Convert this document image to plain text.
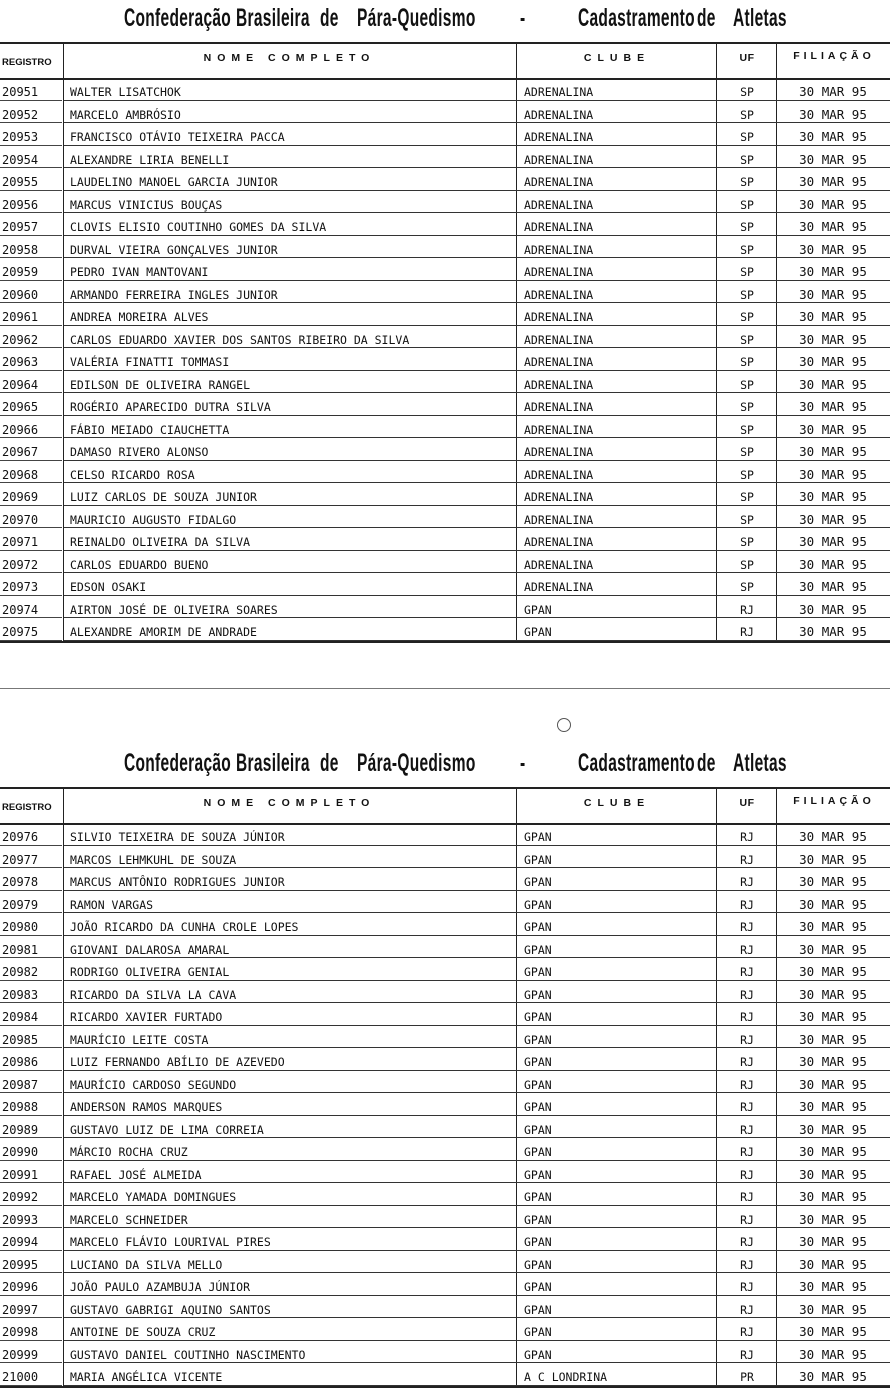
Confederação Brasileira de Pára-Quedismo - Cadastramento de Atletas
REGISTRO	NOME COMPLETO	CLUBE	UF	FILIAÇÃO
20951	WALTER LISATCHOK	ADRENALINA	SP	30 MAR 95
20952	MARCELO AMBRÓSIO	ADRENALINA	SP	30 MAR 95
20953	FRANCISCO OTÁVIO TEIXEIRA PACCA	ADRENALINA	SP	30 MAR 95
20954	ALEXANDRE LIRIA BENELLI	ADRENALINA	SP	30 MAR 95
20955	LAUDELINO MANOEL GARCIA JUNIOR	ADRENALINA	SP	30 MAR 95
20956	MARCUS VINICIUS BOUÇAS	ADRENALINA	SP	30 MAR 95
20957	CLOVIS ELISIO COUTINHO GOMES DA SILVA	ADRENALINA	SP	30 MAR 95
20958	DURVAL VIEIRA GONÇALVES JUNIOR	ADRENALINA	SP	30 MAR 95
20959	PEDRO IVAN MANTOVANI	ADRENALINA	SP	30 MAR 95
20960	ARMANDO FERREIRA INGLES JUNIOR	ADRENALINA	SP	30 MAR 95
20961	ANDREA MOREIRA ALVES	ADRENALINA	SP	30 MAR 95
20962	CARLOS EDUARDO XAVIER DOS SANTOS RIBEIRO DA SILVA	ADRENALINA	SP	30 MAR 95
20963	VALÉRIA FINATTI TOMMASI	ADRENALINA	SP	30 MAR 95
20964	EDILSON DE OLIVEIRA RANGEL	ADRENALINA	SP	30 MAR 95
20965	ROGÉRIO APARECIDO DUTRA SILVA	ADRENALINA	SP	30 MAR 95
20966	FÁBIO MEIADO CIAUCHETTA	ADRENALINA	SP	30 MAR 95
20967	DAMASO RIVERO ALONSO	ADRENALINA	SP	30 MAR 95
20968	CELSO RICARDO ROSA	ADRENALINA	SP	30 MAR 95
20969	LUIZ CARLOS DE SOUZA JUNIOR	ADRENALINA	SP	30 MAR 95
20970	MAURICIO AUGUSTO FIDALGO	ADRENALINA	SP	30 MAR 95
20971	REINALDO OLIVEIRA DA SILVA	ADRENALINA	SP	30 MAR 95
20972	CARLOS EDUARDO BUENO	ADRENALINA	SP	30 MAR 95
20973	EDSON OSAKI	ADRENALINA	SP	30 MAR 95
20974	AIRTON JOSÉ DE OLIVEIRA SOARES	GPAN	RJ	30 MAR 95
20975	ALEXANDRE AMORIM DE ANDRADE	GPAN	RJ	30 MAR 95
Confederação Brasileira de Pára-Quedismo - Cadastramento de Atletas
REGISTRO	NOME COMPLETO	CLUBE	UF	FILIAÇÃO
20976	SILVIO TEIXEIRA DE SOUZA JÚNIOR	GPAN	RJ	30 MAR 95
20977	MARCOS LEHMKUHL DE SOUZA	GPAN	RJ	30 MAR 95
20978	MARCUS ANTÔNIO RODRIGUES JUNIOR	GPAN	RJ	30 MAR 95
20979	RAMON VARGAS	GPAN	RJ	30 MAR 95
20980	JOÃO RICARDO DA CUNHA CROLE LOPES	GPAN	RJ	30 MAR 95
20981	GIOVANI DALAROSA AMARAL	GPAN	RJ	30 MAR 95
20982	RODRIGO OLIVEIRA GENIAL	GPAN	RJ	30 MAR 95
20983	RICARDO DA SILVA LA CAVA	GPAN	RJ	30 MAR 95
20984	RICARDO XAVIER FURTADO	GPAN	RJ	30 MAR 95
20985	MAURÍCIO LEITE COSTA	GPAN	RJ	30 MAR 95
20986	LUIZ FERNANDO ABÍLIO DE AZEVEDO	GPAN	RJ	30 MAR 95
20987	MAURÍCIO CARDOSO SEGUNDO	GPAN	RJ	30 MAR 95
20988	ANDERSON RAMOS MARQUES	GPAN	RJ	30 MAR 95
20989	GUSTAVO LUIZ DE LIMA CORREIA	GPAN	RJ	30 MAR 95
20990	MÁRCIO ROCHA CRUZ	GPAN	RJ	30 MAR 95
20991	RAFAEL JOSÉ ALMEIDA	GPAN	RJ	30 MAR 95
20992	MARCELO YAMADA DOMINGUES	GPAN	RJ	30 MAR 95
20993	MARCELO SCHNEIDER	GPAN	RJ	30 MAR 95
20994	MARCELO FLÁVIO LOURIVAL PIRES	GPAN	RJ	30 MAR 95
20995	LUCIANO DA SILVA MELLO	GPAN	RJ	30 MAR 95
20996	JOÃO PAULO AZAMBUJA JÚNIOR	GPAN	RJ	30 MAR 95
20997	GUSTAVO GABRIGI AQUINO SANTOS	GPAN	RJ	30 MAR 95
20998	ANTOINE DE SOUZA CRUZ	GPAN	RJ	30 MAR 95
20999	GUSTAVO DANIEL COUTINHO NASCIMENTO	GPAN	RJ	30 MAR 95
21000	MARIA ANGÉLICA VICENTE	A C LONDRINA	PR	30 MAR 95
